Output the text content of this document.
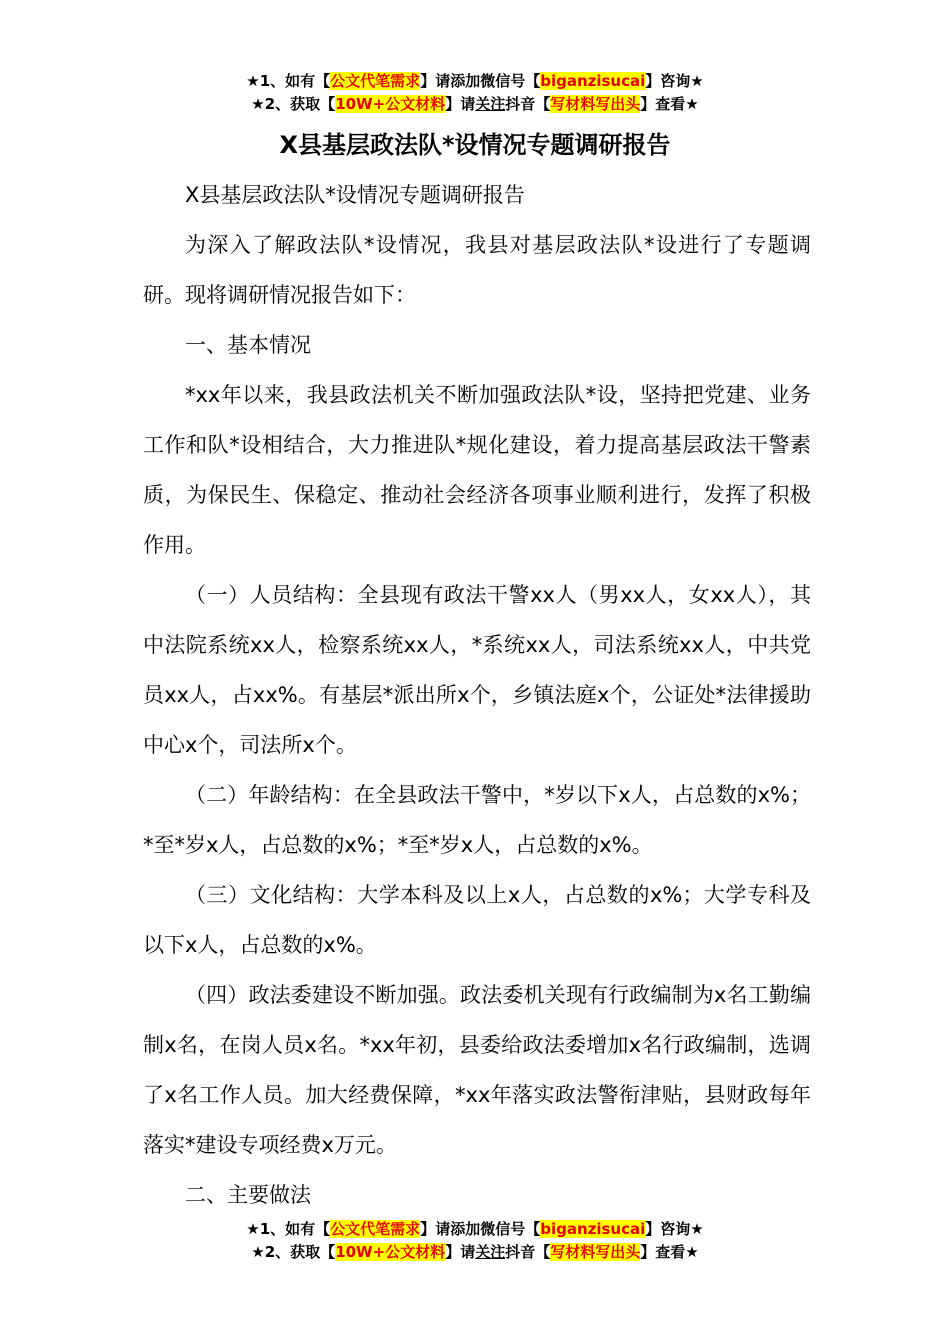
★1、如有【公文代笔需求】请添加微信号【biganzisucai】咨询★
★2、获取【10W+公文材料】请关注抖音【写材料写出头】查看★
X县基层政法队*设情况专题调研报告

X县基层政法队*设情况专题调研报告

为深入了解政法队*设情况，我县对基层政法队*设进行了专题调研。现将调研情况报告如下：

一、基本情况

*xx年以来，我县政法机关不断加强政法队*设，坚持把党建、业务工作和队*设相结合，大力推进队*规化建设，着力提高基层政法干警素质，为保民生、保稳定、推动社会经济各项事业顺利进行，发挥了积极作用。

（一）人员结构：全县现有政法干警xx人（男xx人，女xx人），其中法院系统xx人，检察系统xx人，*系统xx人，司法系统xx人，中共党员xx人，占xx%。有基层*派出所x个，乡镇法庭x个，公证处*法律援助中心x个，司法所x个。

（二）年龄结构：在全县政法干警中，*岁以下x人，占总数的x%；*至*岁x人，占总数的x%；*至*岁x人，占总数的x%。

（三）文化结构：大学本科及以上x人，占总数的x%；大学专科及以下x人，占总数的x%。

（四）政法委建设不断加强。政法委机关现有行政编制为x名工勤编制x名，在岗人员x名。*xx年初，县委给政法委增加x名行政编制，选调了x名工作人员。加大经费保障，*xx年落实政法警衔津贴，县财政每年落实*建设专项经费x万元。

二、主要做法

★1、如有【公文代笔需求】请添加微信号【biganzisucai】咨询★
★2、获取【10W+公文材料】请关注抖音【写材料写出头】查看★
